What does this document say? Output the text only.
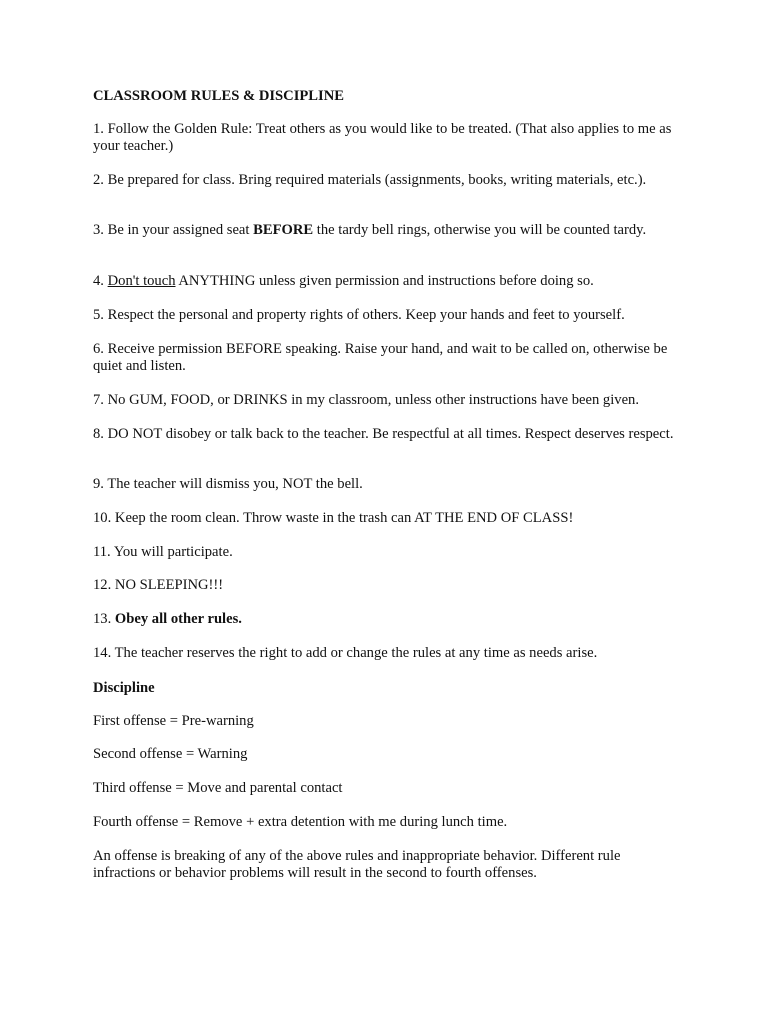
CLASSROOM RULES & DISCIPLINE

1. Follow the Golden Rule: Treat others as you would like to be treated. (That also applies to me as your teacher.)

2. Be prepared for class. Bring required materials (assignments, books, writing materials, etc.).

3. Be in your assigned seat BEFORE the tardy bell rings, otherwise you will be counted tardy.

4. Don't touch ANYTHING unless given permission and instructions before doing so.

5. Respect the personal and property rights of others. Keep your hands and feet to yourself.

6. Receive permission BEFORE speaking. Raise your hand, and wait to be called on, otherwise be quiet and listen.

7. No GUM, FOOD, or DRINKS in my classroom, unless other instructions have been given.

8. DO NOT disobey or talk back to the teacher. Be respectful at all times. Respect deserves respect.

9. The teacher will dismiss you, NOT the bell.

10. Keep the room clean. Throw waste in the trash can AT THE END OF CLASS!

11. You will participate.

12. NO SLEEPING!!!

13. Obey all other rules.

14. The teacher reserves the right to add or change the rules at any time as needs arise.

Discipline

First offense = Pre-warning

Second offense = Warning

Third offense = Move and parental contact

Fourth offense = Remove + extra detention with me during lunch time.

An offense is breaking of any of the above rules and inappropriate behavior. Different rule infractions or behavior problems will result in the second to fourth offenses.
